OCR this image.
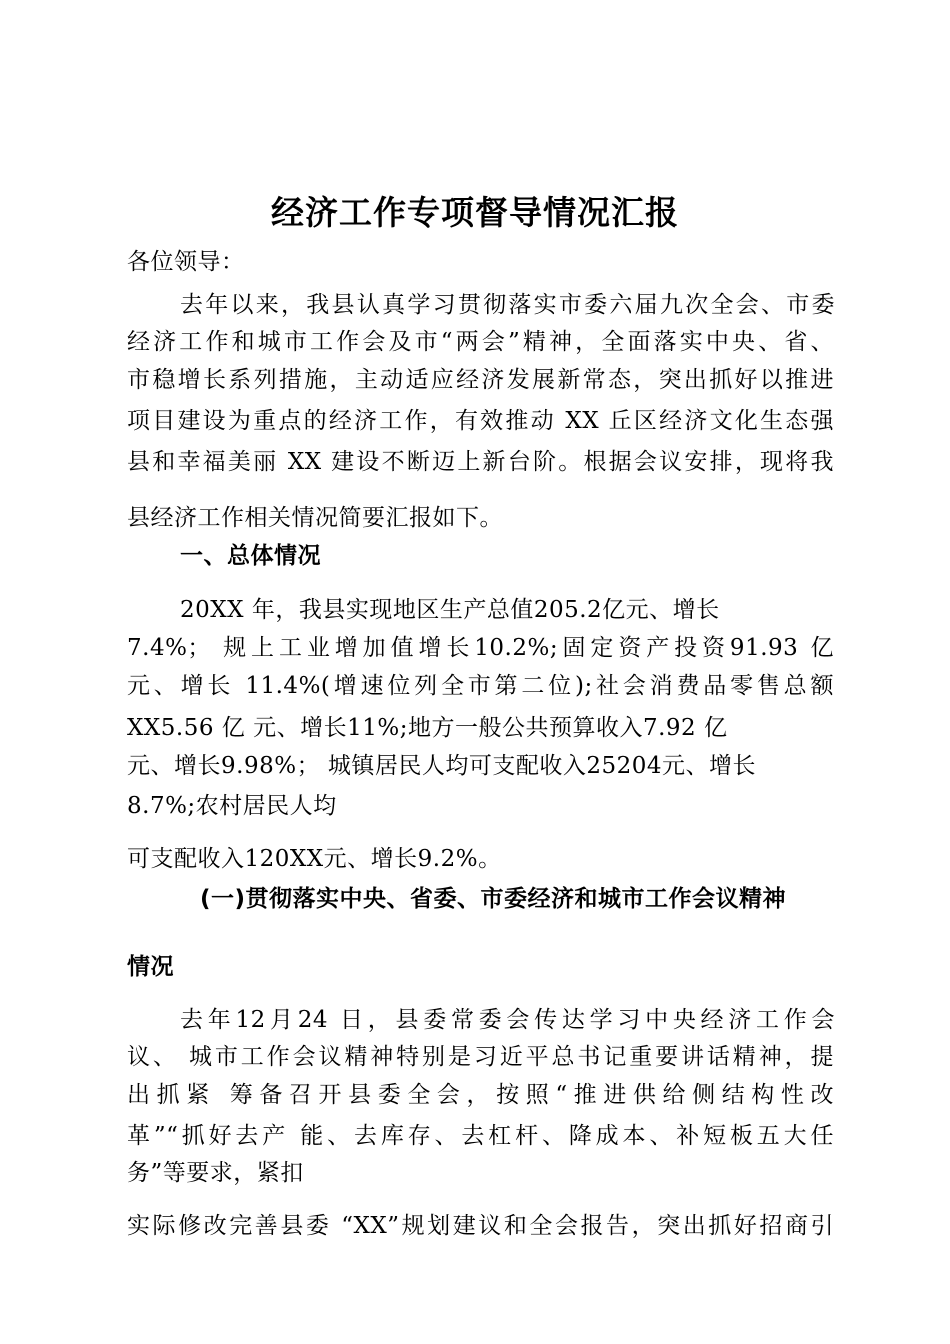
经济工作专项督导情况汇报
各位领导：
去年以来，我县认真学习贯彻落实市委六届九次全会、市委
经济工作和城市工作会及市“两会”精神，全面落实中央、省、
市稳增长系列措施，主动适应经济发展新常态，突出抓好以推进
项目建设为重点的经济工作，有效推动 XX 丘区经济文化生态强
县和幸福美丽 XX 建设不断迈上新台阶。根据会议安排，现将我
县经济工作相关情况简要汇报如下。
一、总体情况
20XX 年，我县实现地区生产总值205.2亿元、增长
7.4%； 规上工业增加值增长10.2%;固定资产投资91.93 亿
元、增长 11.4%(增速位列全市第二位);社会消费品零售总额
XX5.56 亿 元、增长11%;地方一般公共预算收入7.92 亿
元、增长9.98%； 城镇居民人均可支配收入25204元、增长
8.7%;农村居民人均
可支配收入120XX元、增长9.2%。
(一)贯彻落实中央、省委、市委经济和城市工作会议精神
情况
去年12月24 日，县委常委会传达学习中央经济工作会
议、 城市工作会议精神特别是习近平总书记重要讲话精神，提
出抓紧 筹备召开县委全会，按照“推进供给侧结构性改
革”“抓好去产 能、去库存、去杠杆、降成本、补短板五大任
务”等要求，紧扣
实际修改完善县委 “XX”规划建议和全会报告，突出抓好招商引
